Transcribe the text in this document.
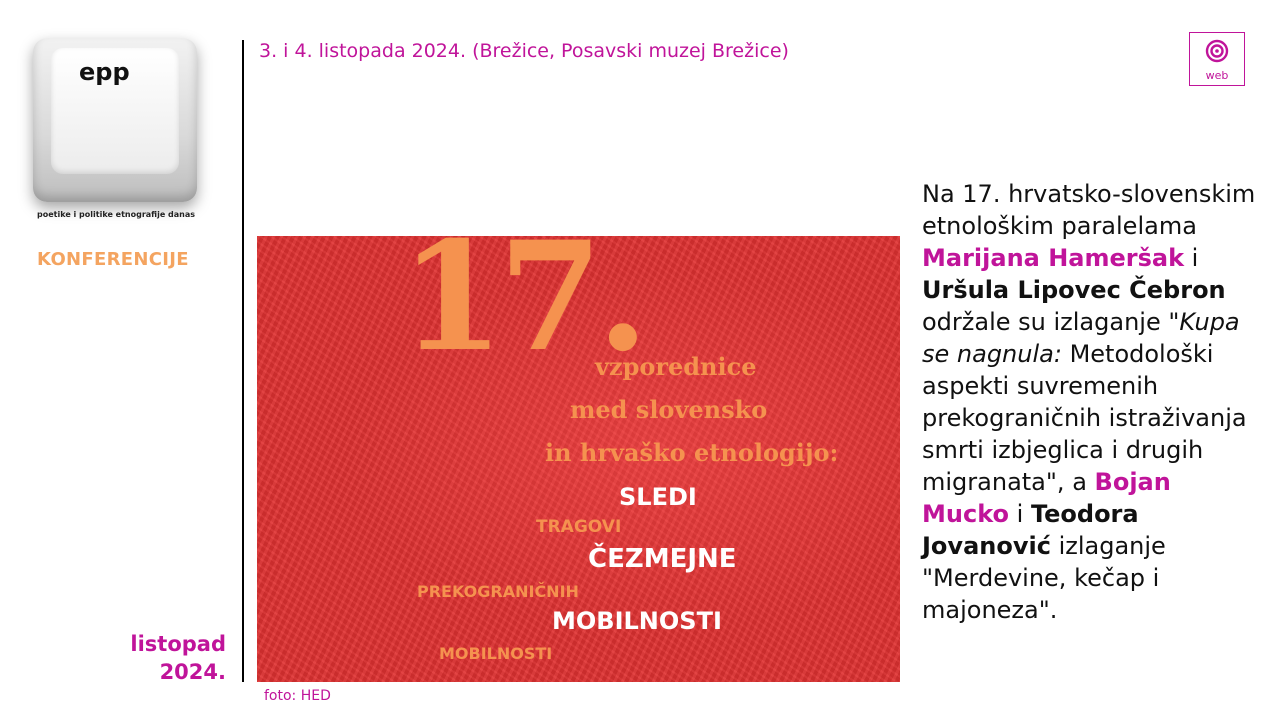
epp
poetike i politike etnografije danas
KONFERENCIJE
listopad
2024.
3. i 4. listopada 2024. (Brežice, Posavski muzej Brežice)
web
17.
vzporednice
med slovensko
in hrvaško etnologijo:
SLEDI
TRAGOVI
ČEZMEJNE
PREKOGRANIČNIH
MOBILNOSTI
MOBILNOSTI
foto: HED
Na 17. hrvatsko-slovenskim etnološkim paralelama Marijana Hameršak i Uršula Lipovec Čebron održale su izlaganje "Kupa se nagnula: Metodološki aspekti suvremenih prekograničnih istraživanja smrti izbjeglica i drugih migranata", a Bojan Mucko i Teodora Jovanović izlaganje "Merdevine, kečap i majoneza".
